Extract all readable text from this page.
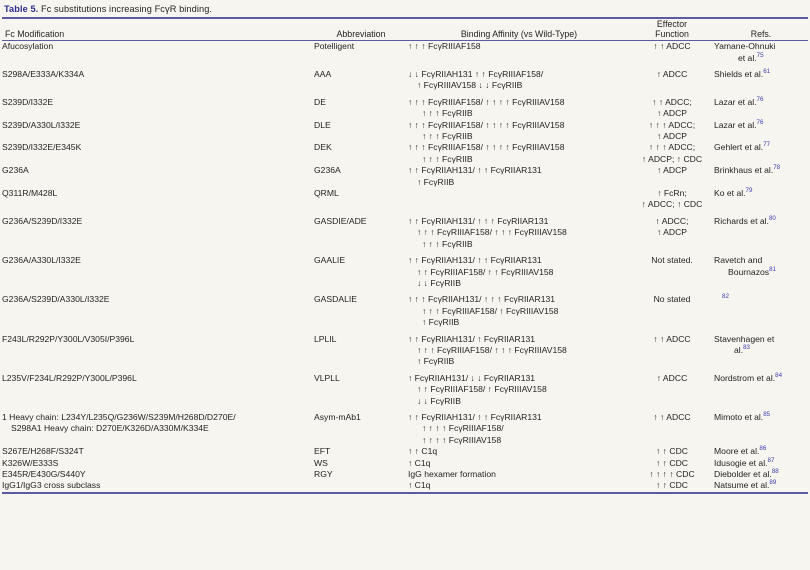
Table 5. Fc substitutions increasing FcγR binding.
Fc Modification	Abbreviation	Binding Affinity (vs Wild-Type)	
Effector
Function	Refs.
Afucosylation	Potelligent	↑ ↑ ↑ FcγRIIIAF158	↑ ↑ ADCC	Yamane-Ohnuki
et al.$^{75}$

S298A/E333A/K334A	AAA	↓ ↓ FcγRIIAH131 ↑ ↑ FcγRIIIAF158/
↑ FcγRIIIAV158 ↓ ↓ FcγRIIB	↑ ADCC	Shields et al.$^{61}$

S239D/I332E	DE	↑ ↑ ↑ FcγRIIIAF158/ ↑ ↑ ↑ ↑ FcγRIIIAV158
↑ ↑ ↑ FcγRIIB	↑ ↑ ADCC;
↑ ADCP	Lazar et al.$^{76}$

S239D/A330L/I332E	DLE	↑ ↑ ↑ FcγRIIIAF158/ ↑ ↑ ↑ ↑ FcγRIIIAV158
↑ ↑ ↑ FcγRIIB	↑ ↑ ↑ ADCC;
↑ ADCP	Lazar et al.$^{76}$

S239D/I332E/E345K	DEK	↑ ↑ ↑ FcγRIIIAF158/ ↑ ↑ ↑ ↑ FcγRIIIAV158
↑ ↑ ↑ FcγRIIB	↑ ↑ ↑ ADCC;
↑ ADCP; ↑ CDC	Gehlert et al.$^{77}$

G236A	G236A	↑ ↑ FcγRIIAH131/ ↑ ↑ FcγRIIAR131
↑ FcγRIIB	↑ ADCP	Brinkhaus et al.$^{78}$

Q311R/M428L	QRML		↑ FcRn;
↑ ADCC; ↑ CDC	Ko et al.$^{79}$

G236A/S239D/I332E	GASDIE/ADE	↑ ↑ FcγRIIAH131/ ↑ ↑ ↑ FcγRIIAR131
↑ ↑ ↑ FcγRIIIAF158/ ↑ ↑ ↑ FcγRIIIAV158
↑ ↑ ↑ FcγRIIB	↑ ADCC;
↑ ADCP	Richards et al.$^{80}$

G236A/A330L/I332E	GAALIE	↑ ↑ FcγRIIAH131/ ↑ ↑ FcγRIIAR131
↑ ↑ FcγRIIIAF158/ ↑ ↑ FcγRIIIAV158
↓ ↓ FcγRIIB	Not stated.	Ravetch and
Bournazos$^{81}$

G236A/S239D/A330L/I332E	GASDALIE	↑ ↑ ↑ FcγRIIAH131/ ↑ ↑ ↑ FcγRIIAR131
↑ ↑ ↑ FcγRIIIAF158/ ↑ FcγRIIIAV158
↑ FcγRIIB	No stated	$^{82}$

F243L/R292P/Y300L/V305I/P396L	LPLIL	↑ ↑ FcγRIIAH131/ ↑ FcγRIIAR131
↑ ↑ ↑ FcγRIIIAF158/ ↑ ↑ ↑ FcγRIIIAV158
↑ FcγRIIB	↑ ↑ ADCC	Stavenhagen et
al.$^{83}$

L235V/F234L/R292P/Y300L/P396L	VLPLL	↑ FcγRIIAH131/ ↓ ↓ FcγRIIAR131
↑ ↑ FcγRIIIAF158/ ↑ FcγRIIIAV158
↓ ↓ FcγRIIB	↑ ADCC	Nordstrom et al.$^{84}$

1 Heavy chain: L234Y/L235Q/G236W/S239M/H268D/D270E/
S298A1 Heavy chain: D270E/K326D/A330M/K334E	Asym-mAb1	↑ ↑ FcγRIIAH131/ ↑ ↑ FcγRIIAR131
↑ ↑ ↑ ↑ FcγRIIIAF158/
↑ ↑ ↑ ↑ FcγRIIIAV158	↑ ↑ ADCC	Mimoto et al.$^{85}$

S267E/H268F/S324T	EFT	↑ ↑ C1q	↑ ↑ CDC	Moore et al.$^{86}$

K326W/E333S	WS	↑ C1q	↑ ↑ CDC	Idusogie et al.$^{87}$

E345R/E430G/S440Y	RGY	IgG hexamer formation	↑ ↑ ↑ ↑ CDC	Diebolder et al.$^{88}$

IgG1/IgG3 cross subclass		↑ C1q	↑ ↑ CDC	Natsume et al.$^{89}$
